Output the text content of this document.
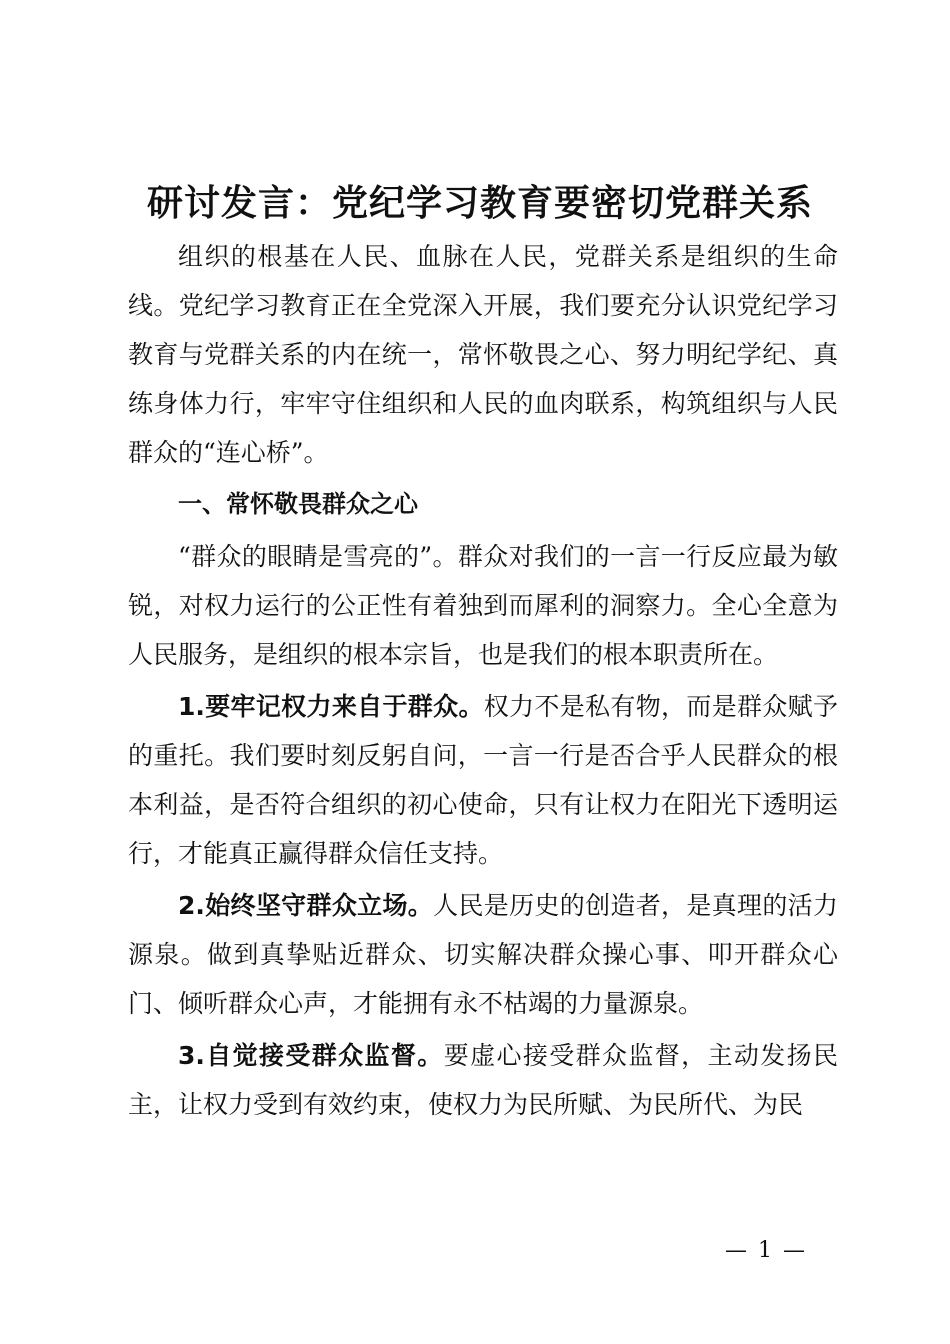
研讨发言：党纪学习教育要密切党群关系

组织的根基在人民、血脉在人民，党群关系是组织的生命线。党纪学习教育正在全党深入开展，我们要充分认识党纪学习教育与党群关系的内在统一，常怀敬畏之心、努力明纪学纪、真练身体力行，牢牢守住组织和人民的血肉联系，构筑组织与人民群众的“连心桥”。

一、常怀敬畏群众之心

“群众的眼睛是雪亮的”。群众对我们的一言一行反应最为敏锐，对权力运行的公正性有着独到而犀利的洞察力。全心全意为人民服务，是组织的根本宗旨，也是我们的根本职责所在。

1.要牢记权力来自于群众。权力不是私有物，而是群众赋予的重托。我们要时刻反躬自问，一言一行是否合乎人民群众的根本利益，是否符合组织的初心使命，只有让权力在阳光下透明运行，才能真正赢得群众信任支持。

2.始终坚守群众立场。人民是历史的创造者，是真理的活力源泉。做到真挚贴近群众、切实解决群众操心事、叩开群众心门、倾听群众心声，才能拥有永不枯竭的力量源泉。

3.自觉接受群众监督。要虚心接受群众监督，主动发扬民主，让权力受到有效约束，使权力为民所赋、为民所代、为民

— 1 —
